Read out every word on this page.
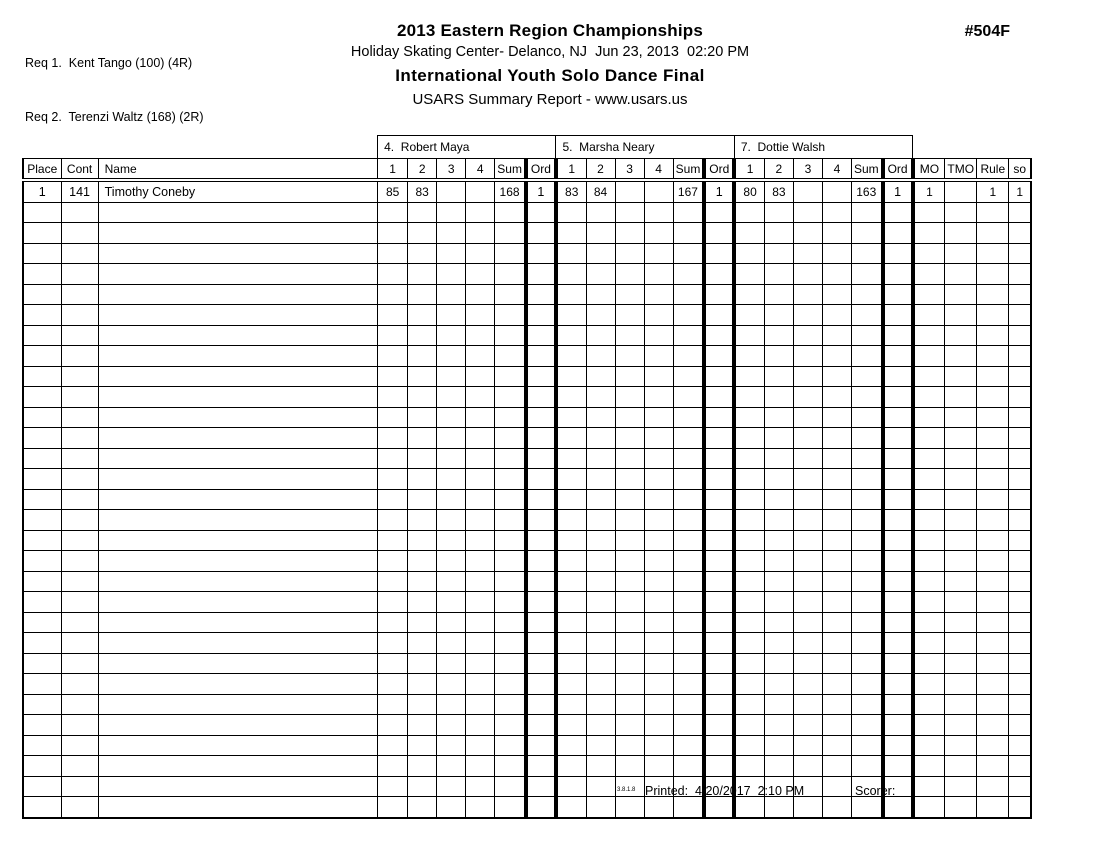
Req 1.  Kent Tango (100) (4R)

Req 2.  Terenzi Waltz (168) (2R)

2013 Eastern Region Championships
Holiday Skating Center- Delanco, NJ  Jun 23, 2013  02:20 PM
International Youth Solo Dance Final
USARS Summary Report - www.usars.us
#504F
			4.  Robert Maya						5.  Marsha Neary						7.  Dottie Walsh									
Place	Cont	Name	1	2	3	4	Sum	Ord	1	2	3	4	Sum	Ord	1	2	3	4	Sum	Ord	MO	TMO	Rule	so
1	141	Timothy Coneby	85	83			168	1	83	84			167	1	80	83			163	1	1		1	1

3.8.1.8 Printed:  4/20/2017  2:10 PM	Scorer:
